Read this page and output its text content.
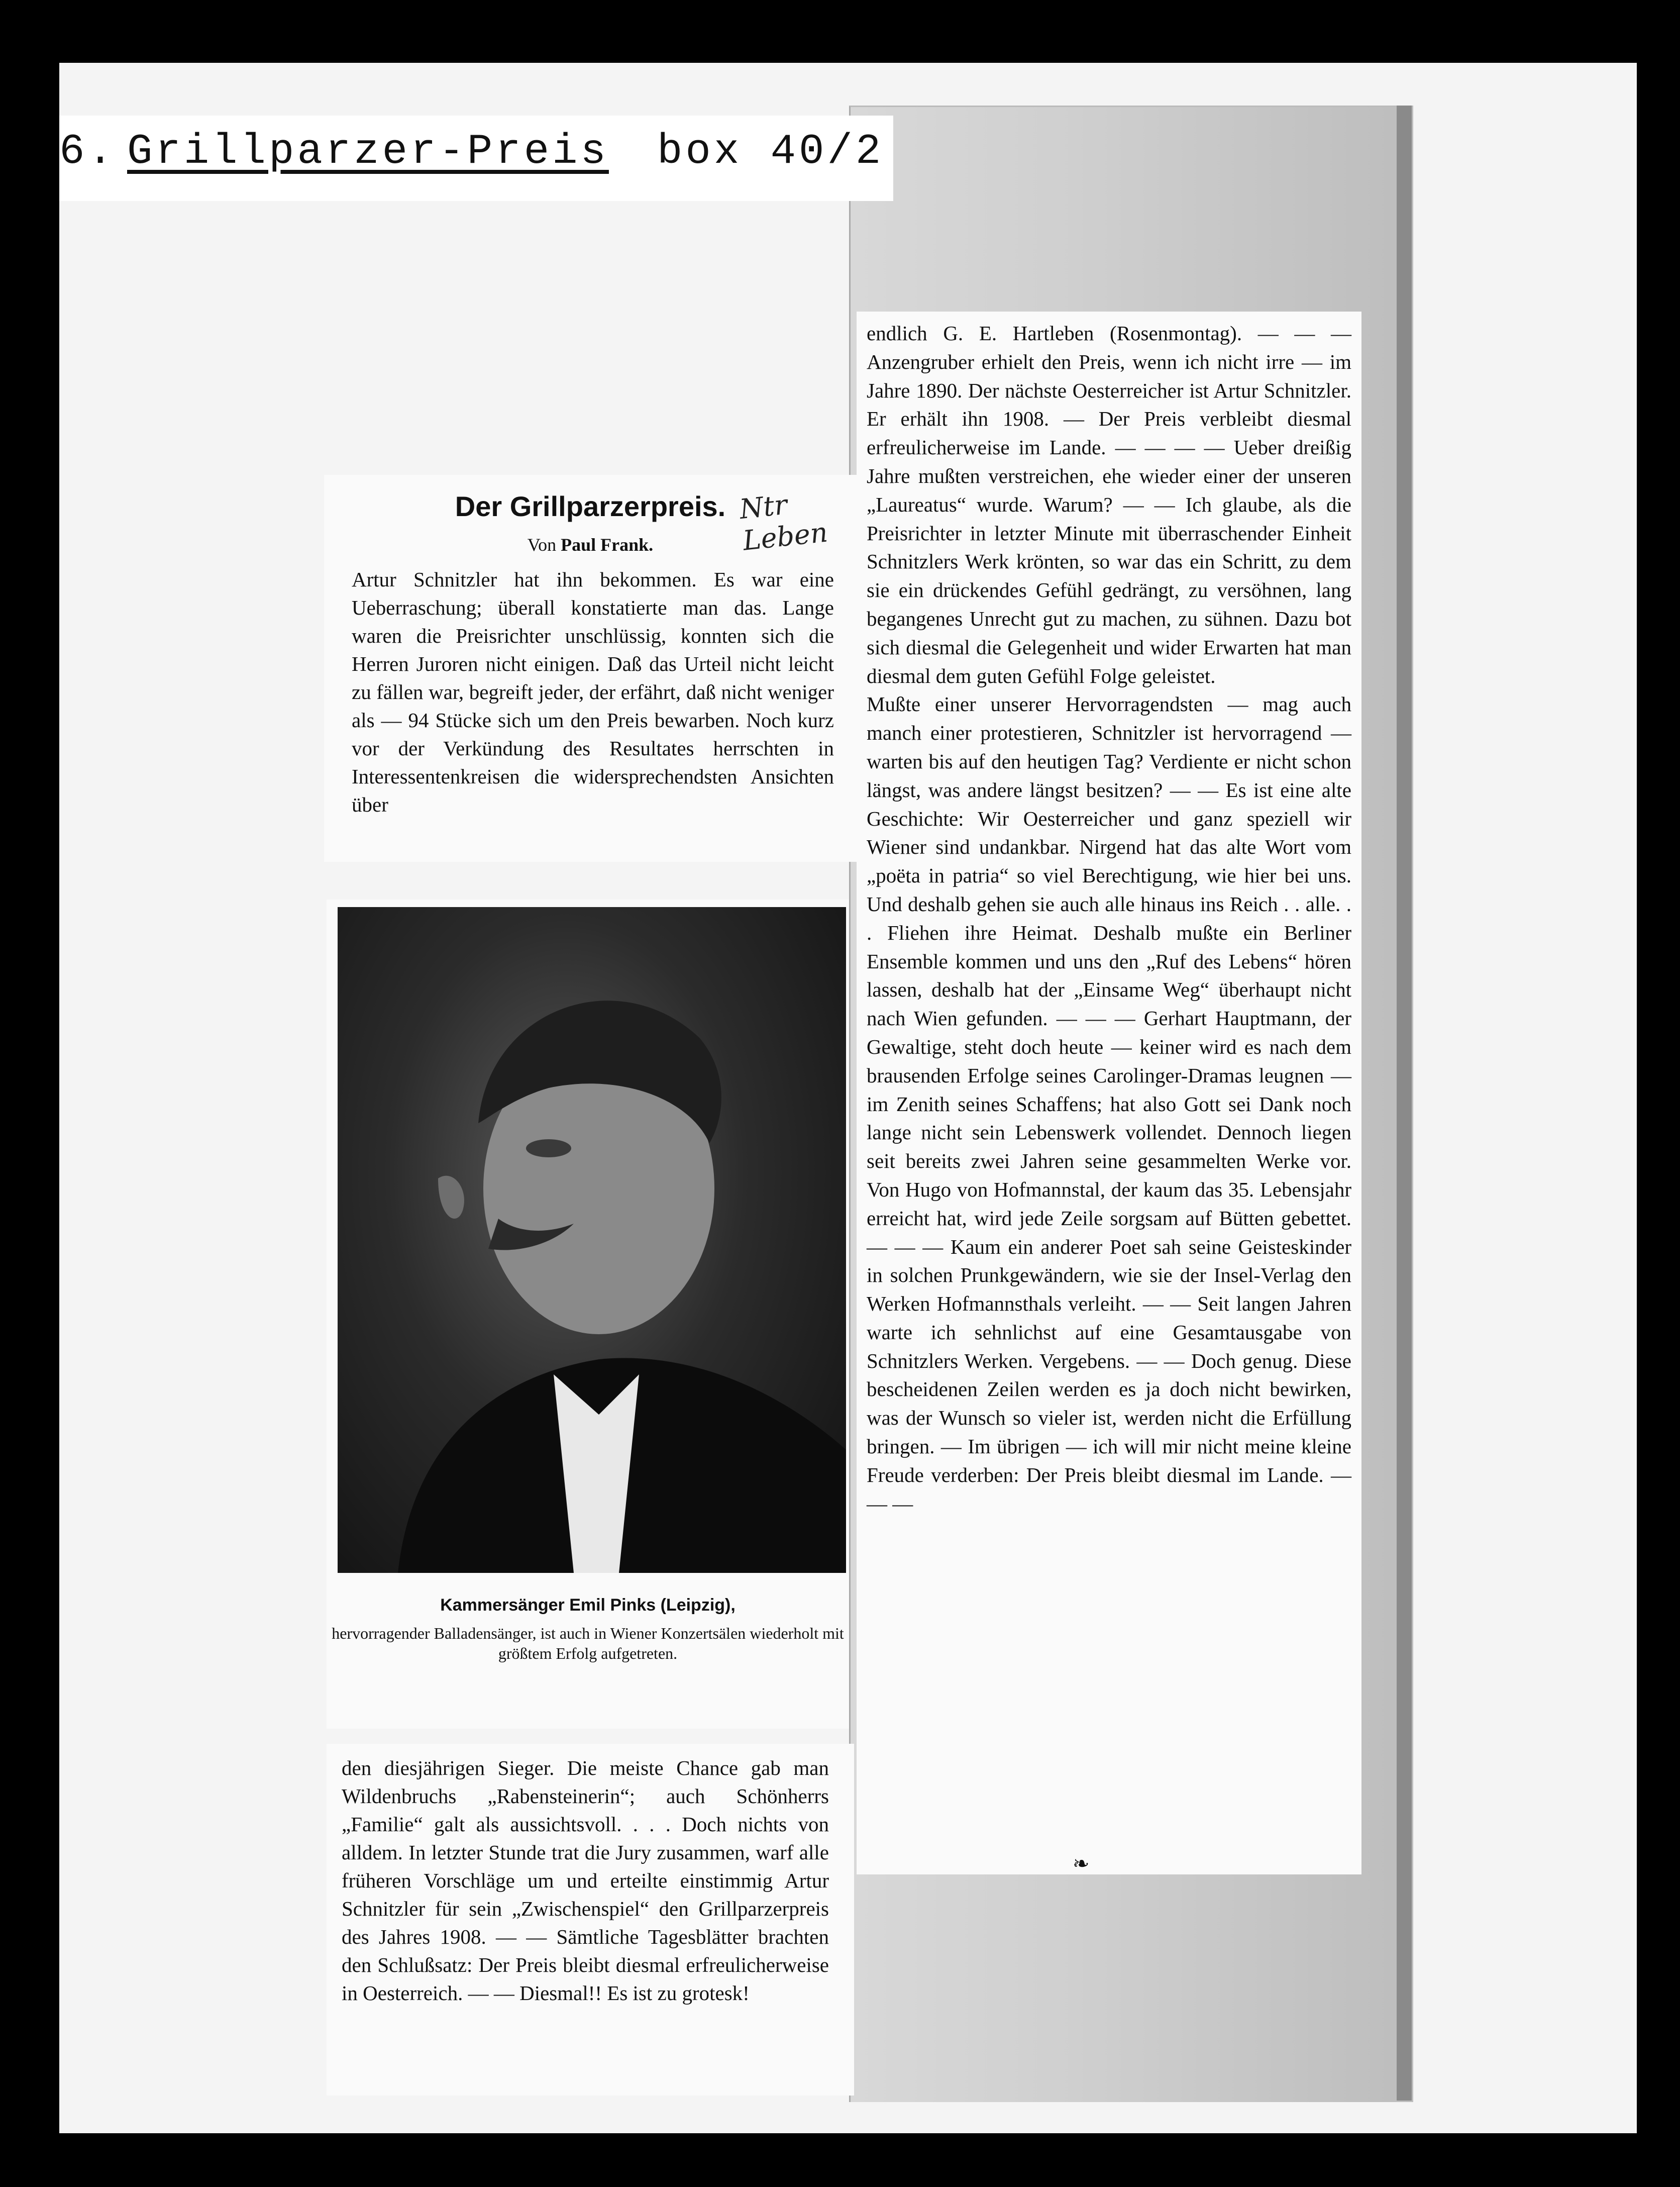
6. Grillparzer-Preis box 40/2
Der Grillparzerpreis.
Von Paul Frank.
Ntr Leben

Artur Schnitzler hat ihn bekommen. Es war eine Ueberraschung; überall konstatierte man das. Lange waren die Preisrichter unschlüssig, konnten sich die Herren Juroren nicht einigen. Daß das Urteil nicht leicht zu fällen war, begreift jeder, der erfährt, daß nicht weniger als — 94 Stücke sich um den Preis bewarben. Noch kurz vor der Verkündung des Resultates herrschten in Interessentenkreisen die widersprechendsten Ansichten über

Kammersänger Emil Pinks (Leipzig),
hervorragender Balladensänger, ist auch in Wiener Konzertsälen wiederholt mit größtem Erfolg aufgetreten.

den diesjährigen Sieger. Die meiste Chance gab man Wildenbruchs „Rabensteinerin“; auch Schönherrs „Familie“ galt als aussichtsvoll. . . . Doch nichts von alldem. In letzter Stunde trat die Jury zusammen, warf alle früheren Vorschläge um und erteilte einstimmig Artur Schnitzler für sein „Zwischenspiel“ den Grillparzerpreis des Jahres 1908. — — Sämtliche Tagesblätter brachten den Schlußsatz: Der Preis bleibt diesmal erfreulicherweise in Oesterreich. — — Diesmal!! Es ist zu grotesk!

endlich G. E. Hartleben (Rosenmontag). — — — Anzengruber erhielt den Preis, wenn ich nicht irre — im Jahre 1890. Der nächste Oesterreicher ist Artur Schnitzler. Er erhält ihn 1908. — Der Preis verbleibt diesmal erfreulicherweise im Lande. — — — — Ueber dreißig Jahre mußten verstreichen, ehe wieder einer der unseren „Laureatus“ wurde. Warum? — — Ich glaube, als die Preisrichter in letzter Minute mit überraschender Einheit Schnitzlers Werk krönten, so war das ein Schritt, zu dem sie ein drückendes Gefühl gedrängt, zu versöhnen, lang begangenes Unrecht gut zu machen, zu sühnen. Dazu bot sich diesmal die Gelegenheit und wider Erwarten hat man diesmal dem guten Gefühl Folge geleistet.

Mußte einer unserer Hervorragendsten — mag auch manch einer protestieren, Schnitzler ist hervorragend — warten bis auf den heutigen Tag? Verdiente er nicht schon längst, was andere längst besitzen? — — Es ist eine alte Geschichte: Wir Oesterreicher und ganz speziell wir Wiener sind undankbar. Nirgend hat das alte Wort vom „poëta in patria“ so viel Berechtigung, wie hier bei uns. Und deshalb gehen sie auch alle hinaus ins Reich . . alle. . . Fliehen ihre Heimat. Deshalb mußte ein Berliner Ensemble kommen und uns den „Ruf des Lebens“ hören lassen, deshalb hat der „Einsame Weg“ überhaupt nicht nach Wien gefunden. — — — Gerhart Hauptmann, der Gewaltige, steht doch heute — keiner wird es nach dem brausenden Erfolge seines Carolinger-Dramas leugnen — im Zenith seines Schaffens; hat also Gott sei Dank noch lange nicht sein Lebenswerk vollendet. Dennoch liegen seit bereits zwei Jahren seine gesammelten Werke vor. Von Hugo von Hofmannstal, der kaum das 35. Lebensjahr erreicht hat, wird jede Zeile sorgsam auf Bütten gebettet. — — — Kaum ein anderer Poet sah seine Geisteskinder in solchen Prunkgewändern, wie sie der Insel-Verlag den Werken Hofmannsthals verleiht. — — Seit langen Jahren warte ich sehnlichst auf eine Gesamtausgabe von Schnitzlers Werken. Vergebens. — — Doch genug. Diese bescheidenen Zeilen werden es ja doch nicht bewirken, was der Wunsch so vieler ist, werden nicht die Erfüllung bringen. — Im übrigen — ich will mir nicht meine kleine Freude verderben: Der Preis bleibt diesmal im Lande. — — —

❧
